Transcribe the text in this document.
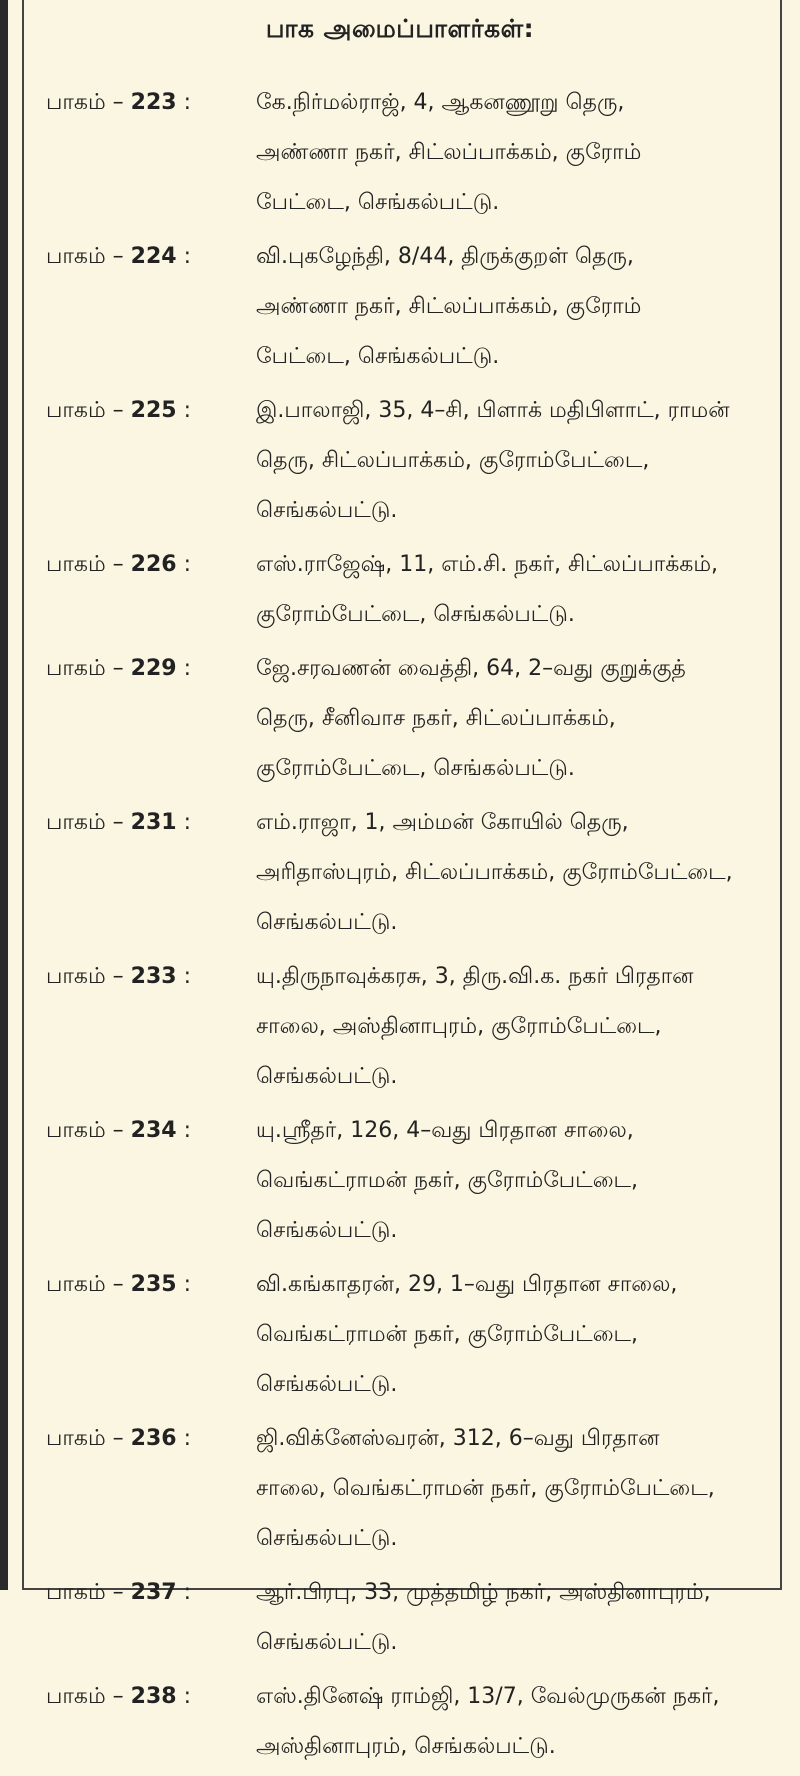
பாக அமைப்பாளர்கள்:
பாகம் – 223 :	கே.நிர்மல்ராஜ், 4, ஆகனணூறு தெரு,
அண்ணா நகர், சிட்லப்பாக்கம், குரோம்
பேட்டை, செங்கல்பட்டு.
பாகம் – 224 :	வி.புகழேந்தி, 8/44, திருக்குறள் தெரு,
அண்ணா நகர், சிட்லப்பாக்கம், குரோம்
பேட்டை, செங்கல்பட்டு.
பாகம் – 225 :	இ.பாலாஜி, 35, 4–சி, பிளாக் மதிபிளாட், ராமன்
தெரு, சிட்லப்பாக்கம், குரோம்பேட்டை,
செங்கல்பட்டு.
பாகம் – 226 :	எஸ்.ராஜேஷ், 11, எம்.சி. நகர், சிட்லப்பாக்கம்,
குரோம்பேட்டை, செங்கல்பட்டு.
பாகம் – 229 :	ஜே.சரவணன் வைத்தி, 64, 2–வது குறுக்குத்
தெரு, சீனிவாச நகர், சிட்லப்பாக்கம்,
குரோம்பேட்டை, செங்கல்பட்டு.
பாகம் – 231 :	எம்.ராஜா, 1, அம்மன் கோயில் தெரு,
அரிதாஸ்புரம், சிட்லப்பாக்கம், குரோம்பேட்டை,
செங்கல்பட்டு.
பாகம் – 233 :	யு.திருநாவுக்கரசு, 3, திரு.வி.க. நகர் பிரதான
சாலை, அஸ்தினாபுரம், குரோம்பேட்டை,
செங்கல்பட்டு.
பாகம் – 234 :	யு.ஸ்ரீதர், 126, 4–வது பிரதான சாலை,
வெங்கட்ராமன் நகர், குரோம்பேட்டை,
செங்கல்பட்டு.
பாகம் – 235 :	வி.கங்காதரன், 29, 1–வது பிரதான சாலை,
வெங்கட்ராமன் நகர், குரோம்பேட்டை,
செங்கல்பட்டு.
பாகம் – 236 :	ஜி.விக்னேஸ்வரன், 312, 6–வது பிரதான
சாலை, வெங்கட்ராமன் நகர், குரோம்பேட்டை,
செங்கல்பட்டு.
பாகம் – 237 :	ஆர்.பிரபு, 33, முத்தமிழ் நகர், அஸ்தினாபுரம்,
செங்கல்பட்டு.
பாகம் – 238 :	எஸ்.தினேஷ் ராம்ஜி, 13/7, வேல்முருகன் நகர்,
அஸ்தினாபுரம், செங்கல்பட்டு.
